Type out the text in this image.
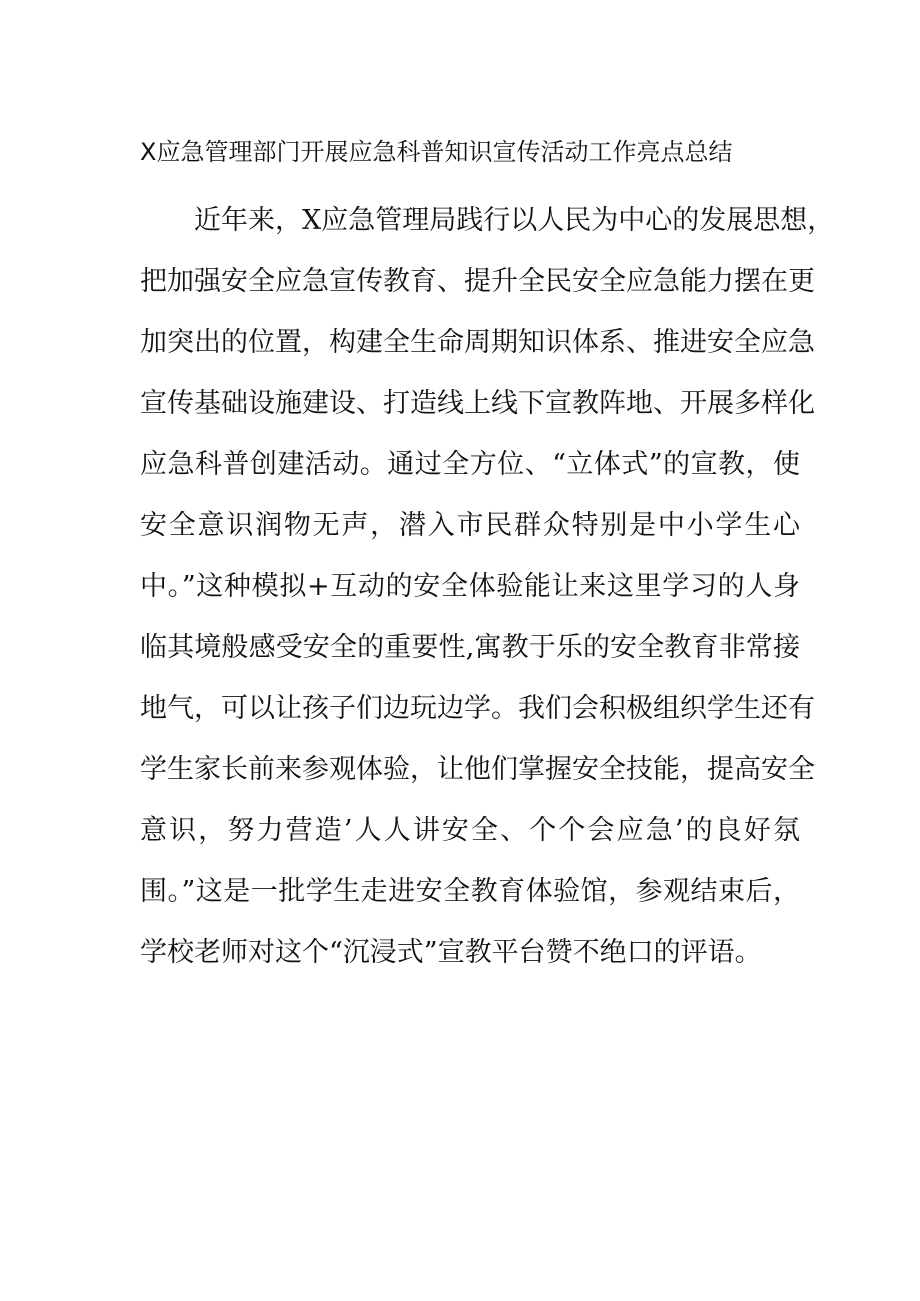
X应急管理部门开展应急科普知识宣传活动工作亮点总结
近年来，X应急管理局践行以人民为中心的发展思想，
把加强安全应急宣传教育、提升全民安全应急能力摆在更
加突出的位置，构建全生命周期知识体系、推进安全应急
宣传基础设施建设、打造线上线下宣教阵地、开展多样化
应急科普创建活动。通过全方位、“立体式”的宣教，使
安全意识润物无声，潜入市民群众特别是中小学生心
中。”这种模拟+互动的安全体验能让来这里学习的人身
临其境般感受安全的重要性,寓教于乐的安全教育非常接
地气，可以让孩子们边玩边学。我们会积极组织学生还有
学生家长前来参观体验，让他们掌握安全技能，提高安全
意识，努力营造’人人讲安全、个个会应急’的良好氛
围。”这是一批学生走进安全教育体验馆，参观结束后，
学校老师对这个“沉浸式”宣教平台赞不绝口的评语。
